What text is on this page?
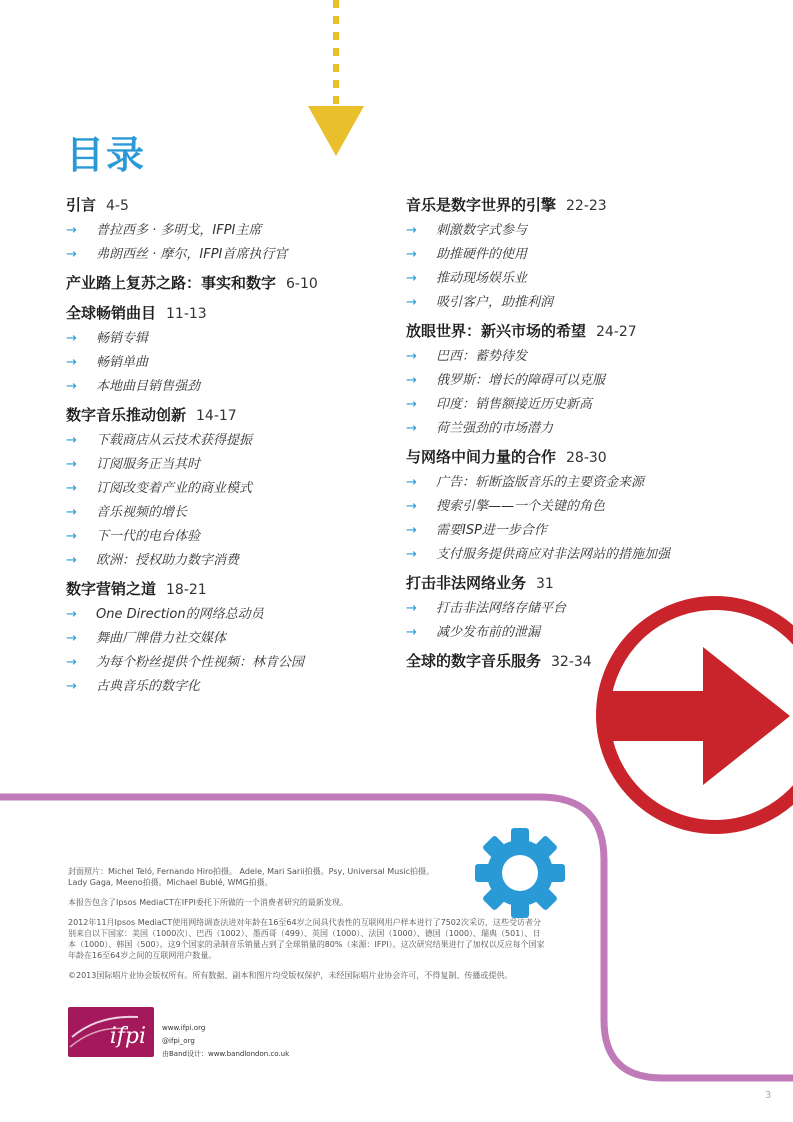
目录
引言 4-5
→ 普拉西多 · 多明戈，IFPI主席
→ 弗朗西丝 · 摩尔，IFPI首席执行官
产业踏上复苏之路：事实和数字 6-10
全球畅销曲目 11-13
→ 畅销专辑
→ 畅销单曲
→ 本地曲目销售强劲
数字音乐推动创新 14-17
→ 下载商店从云技术获得提振
→ 订阅服务正当其时
→ 订阅改变着产业的商业模式
→ 音乐视频的增长
→ 下一代的电台体验
→ 欧洲：授权助力数字消费
数字营销之道 18-21
→ One Direction的网络总动员
→ 舞曲厂牌借力社交媒体
→ 为每个粉丝提供个性视频：林肯公园
→ 古典音乐的数字化
音乐是数字世界的引擎 22-23
→ 刺激数字式参与
→ 助推硬件的使用
→ 推动现场娱乐业
→ 吸引客户，助推利润
放眼世界：新兴市场的希望 24-27
→ 巴西：蓄势待发
→ 俄罗斯：增长的障碍可以克服
→ 印度：销售额接近历史新高
→ 荷兰强劲的市场潜力
与网络中间力量的合作 28-30
→ 广告：斩断盗版音乐的主要资金来源
→ 搜索引擎——一个关键的角色
→ 需要ISP进一步合作
→ 支付服务提供商应对非法网站的措施加强
打击非法网络业务 31
→ 打击非法网络存储平台
→ 减少发布前的泄漏
全球的数字音乐服务 32-34

封面照片：Michel Teló, Fernando Hiro拍摄。 Adele, Mari Sarii拍摄。Psy, Universal Music拍摄。
Lady Gaga, Meeno拍摄。Michael Bublé, WMG拍摄。

本报告包含了Ipsos MediaCT在IFPI委托下所做的一个消费者研究的最新发现。

2012年11月Ipsos MediaCT使用网络调查法进对年龄在16至64岁之间具代表性的互联网用户样本进行了7502次采访，这些受访者分别来自以下国家：美国（1000次）、巴西（1002）、墨西哥（499）、英国（1000）、法国（1000）、德国（1000）、瑞典（501）、日本（1000）、韩国（500）。这9个国家的录制音乐销量占到了全球销量的80%（来源：IFPI）。这次研究结果进行了加权以反应每个国家年龄在16至64岁之间的互联网用户数量。

©2013国际唱片业协会版权所有。所有数据、副本和图片均受版权保护，未经国际唱片业协会许可，不得复制、传播或提供。

ifpi www.ifpi.org
@ifpi_org
由Band设计：www.bandlondon.co.uk
3
